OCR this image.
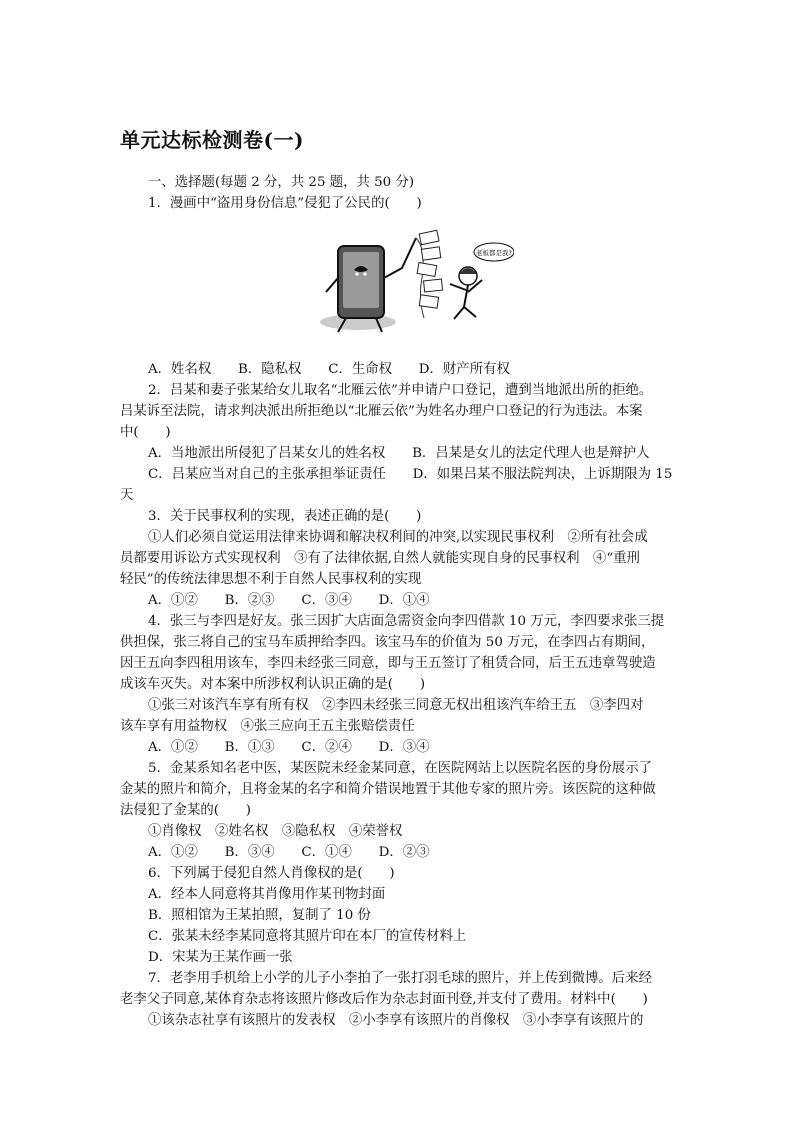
单元达标检测卷(一)
一、选择题(每题 2 分，共 25 题，共 50 分)
1．漫画中“盗用身份信息”侵犯了公民的(　　)
老板都是我?
A．姓名权　　B．隐私权　　C．生命权　　D．财产所有权
2．吕某和妻子张某给女儿取名“北雁云依”并申请户口登记，遭到当地派出所的拒绝。
吕某诉至法院，请求判决派出所拒绝以“北雁云依”为姓名办理户口登记的行为违法。本案
中(　　)
A．当地派出所侵犯了吕某女儿的姓名权　　B．吕某是女儿的法定代理人也是辩护人
C．吕某应当对自己的主张承担举证责任　　D．如果吕某不服法院判决，上诉期限为 15
天
3．关于民事权利的实现，表述正确的是(　　)
①人们必须自觉运用法律来协调和解决权利间的冲突,以实现民事权利　②所有社会成
员都要用诉讼方式实现权利　③有了法律依据,自然人就能实现自身的民事权利　④“重刑
轻民”的传统法律思想不利于自然人民事权利的实现
A．①②　　B．②③　　C．③④　　D．①④
4．张三与李四是好友。张三因扩大店面急需资金向李四借款 10 万元，李四要求张三提
供担保，张三将自己的宝马车质押给李四。该宝马车的价值为 50 万元，在李四占有期间，
因王五向李四租用该车，李四未经张三同意，即与王五签订了租赁合同，后王五违章驾驶造
成该车灭失。对本案中所涉权利认识正确的是(　　)
①张三对该汽车享有所有权　②李四未经张三同意无权出租该汽车给王五　③李四对
该车享有用益物权　④张三应向王五主张赔偿责任
A．①②　　B．①③　　C．②④　　D．③④
5．金某系知名老中医，某医院未经金某同意，在医院网站上以医院名医的身份展示了
金某的照片和简介，且将金某的名字和简介错误地置于其他专家的照片旁。该医院的这种做
法侵犯了金某的(　　)
①肖像权　②姓名权　③隐私权　④荣誉权
A．①②　　B．③④　　C．①④　　D．②③
6．下列属于侵犯自然人肖像权的是(　　)
A．经本人同意将其肖像用作某刊物封面
B．照相馆为王某拍照，复制了 10 份
C．张某未经李某同意将其照片印在本厂的宣传材料上
D．宋某为王某作画一张
7．老李用手机给上小学的儿子小李拍了一张打羽毛球的照片，并上传到微博。后来经
老李父子同意,某体育杂志将该照片修改后作为杂志封面刊登,并支付了费用。材料中(　　)
①该杂志社享有该照片的发表权　②小李享有该照片的肖像权　③小李享有该照片的
